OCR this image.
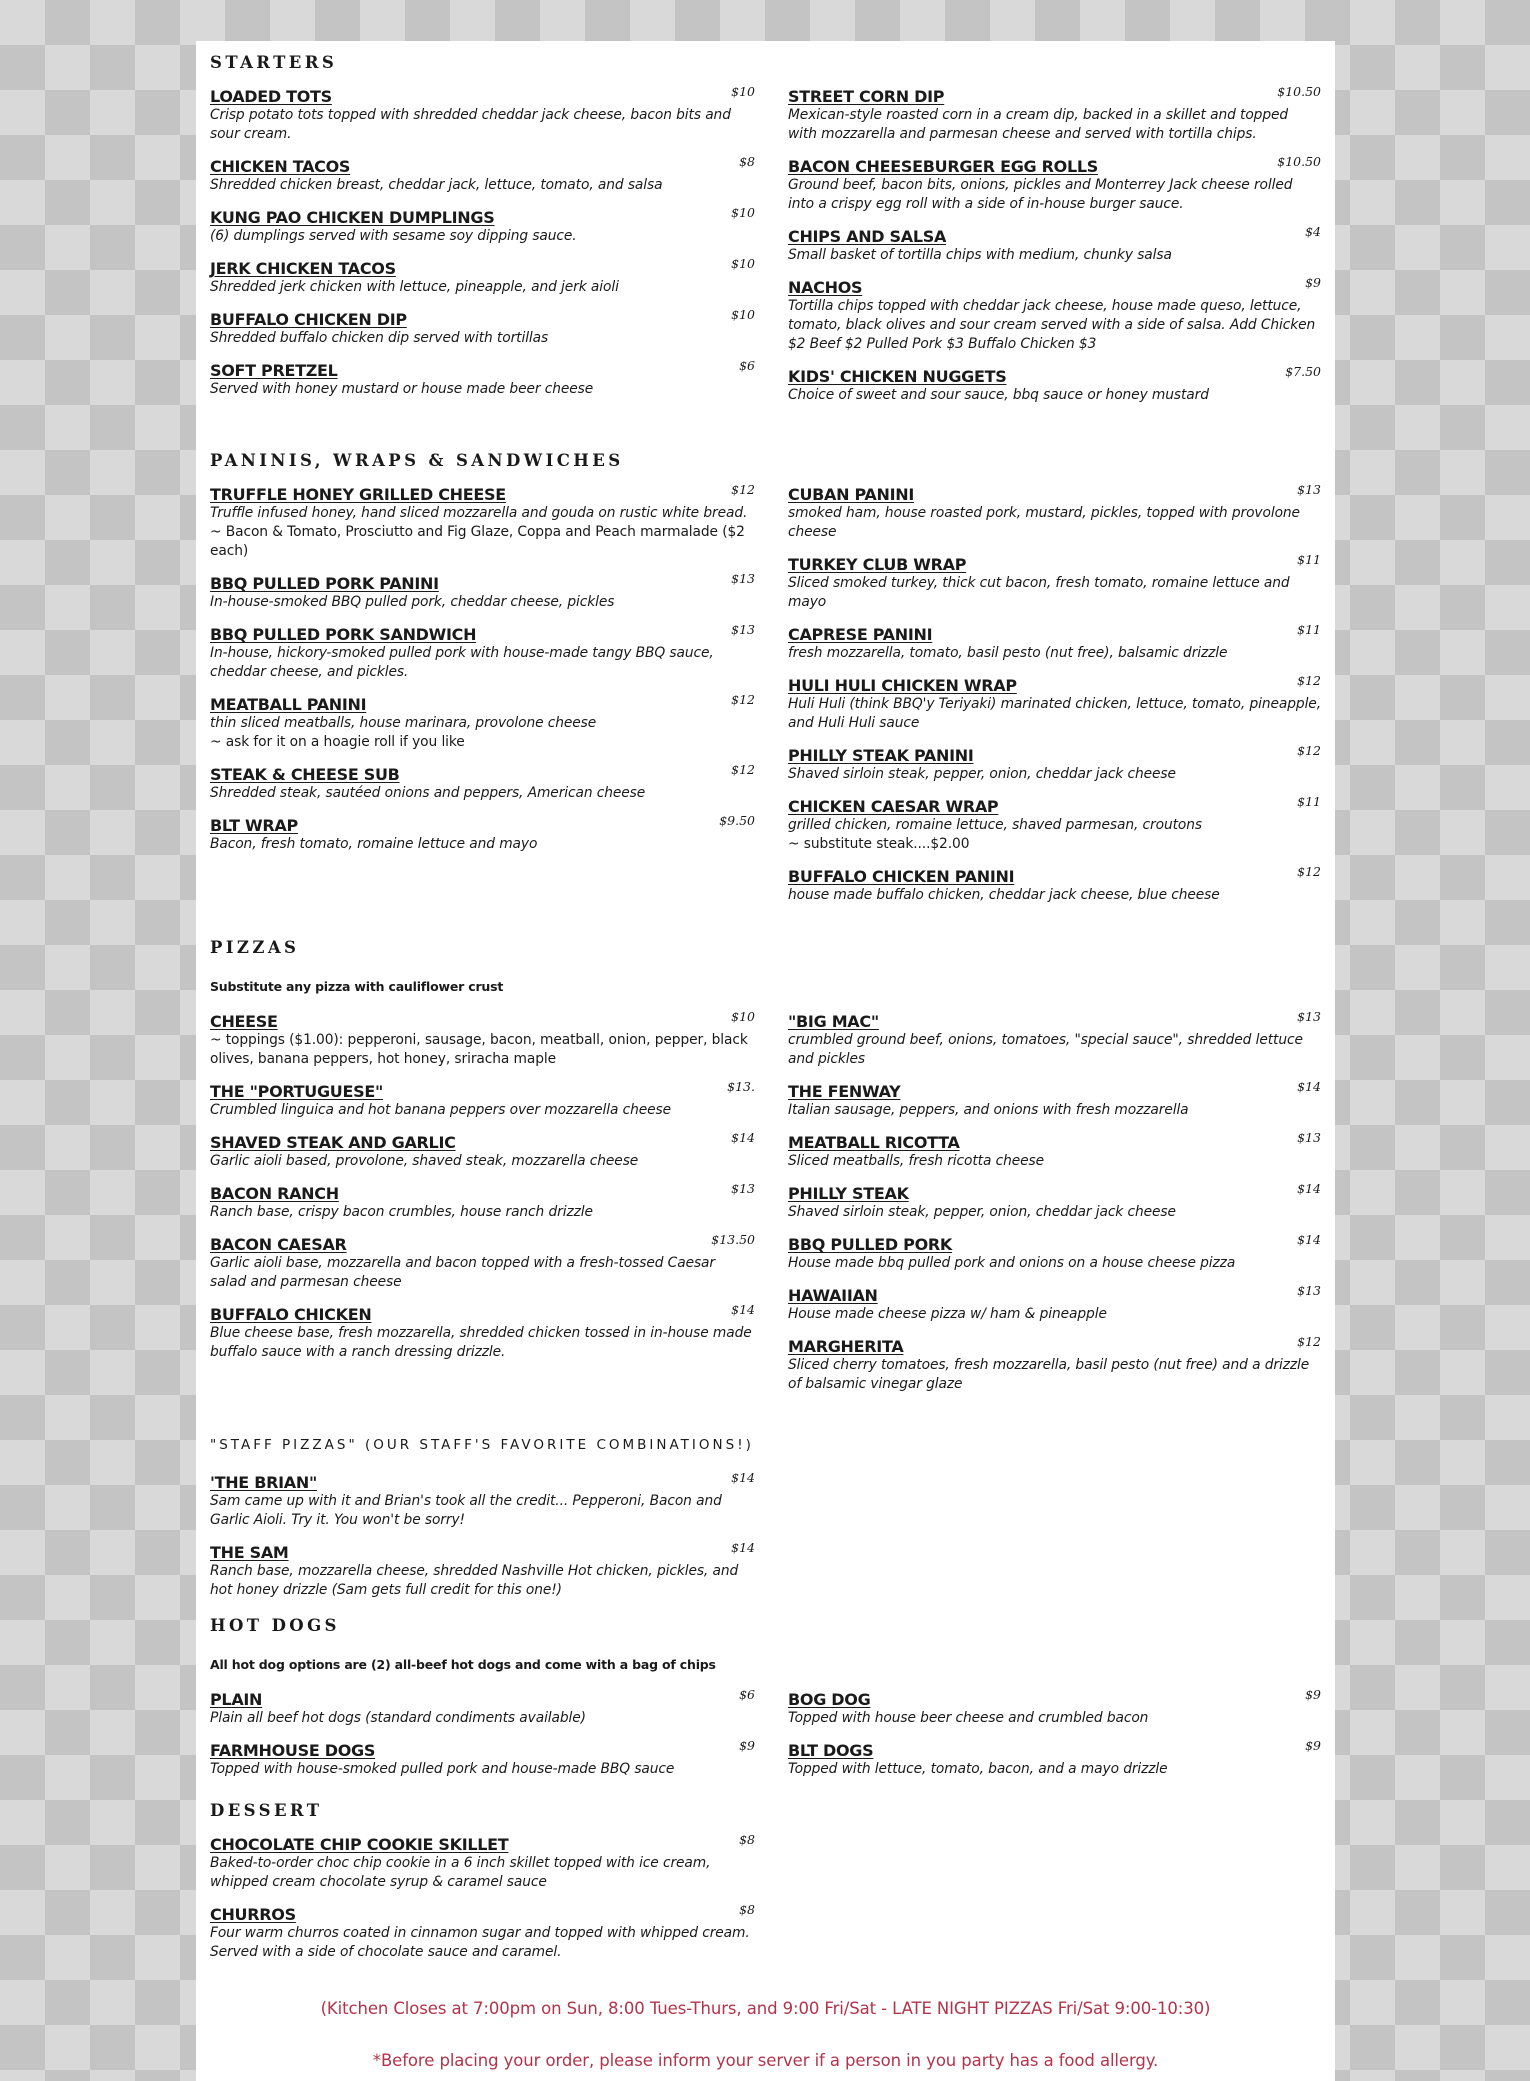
STARTERS
LOADED TOTS	$10
Crisp potato tots topped with shredded cheddar jack cheese, bacon bits and sour cream.
CHICKEN TACOS	$8
Shredded chicken breast, cheddar jack, lettuce, tomato, and salsa
KUNG PAO CHICKEN DUMPLINGS	$10
(6) dumplings served with sesame soy dipping sauce.
JERK CHICKEN TACOS	$10
Shredded jerk chicken with lettuce, pineapple, and jerk aioli
BUFFALO CHICKEN DIP	$10
Shredded buffalo chicken dip served with tortillas
SOFT PRETZEL	$6
Served with honey mustard or house made beer cheese
STREET CORN DIP	$10.50
Mexican-style roasted corn in a cream dip, backed in a skillet and topped with mozzarella and parmesan cheese and served with tortilla chips.
BACON CHEESEBURGER EGG ROLLS	$10.50
Ground beef, bacon bits, onions, pickles and Monterrey Jack cheese rolled into a crispy egg roll with a side of in-house burger sauce.
CHIPS AND SALSA	$4
Small basket of tortilla chips with medium, chunky salsa
NACHOS	$9
Tortilla chips topped with cheddar jack cheese, house made queso, lettuce, tomato, black olives and sour cream served with a side of salsa. Add Chicken $2 Beef $2 Pulled Pork $3 Buffalo Chicken $3
KIDS' CHICKEN NUGGETS	$7.50
Choice of sweet and sour sauce, bbq sauce or honey mustard
PANINIS, WRAPS & SANDWICHES
TRUFFLE HONEY GRILLED CHEESE	$12
Truffle infused honey, hand sliced mozzarella and gouda on rustic white bread.
~ Bacon & Tomato, Prosciutto and Fig Glaze, Coppa and Peach marmalade ($2 each)
BBQ PULLED PORK PANINI	$13
In-house-smoked BBQ pulled pork, cheddar cheese, pickles
BBQ PULLED PORK SANDWICH	$13
In-house, hickory-smoked pulled pork with house-made tangy BBQ sauce, cheddar cheese, and pickles.
MEATBALL PANINI	$12
thin sliced meatballs, house marinara, provolone cheese
~ ask for it on a hoagie roll if you like
STEAK & CHEESE SUB	$12
Shredded steak, sautéed onions and peppers, American cheese
BLT WRAP	$9.50
Bacon, fresh tomato, romaine lettuce and mayo
CUBAN PANINI	$13
smoked ham, house roasted pork, mustard, pickles, topped with provolone cheese
TURKEY CLUB WRAP	$11
Sliced smoked turkey, thick cut bacon, fresh tomato, romaine lettuce and mayo
CAPRESE PANINI	$11
fresh mozzarella, tomato, basil pesto (nut free), balsamic drizzle
HULI HULI CHICKEN WRAP	$12
Huli Huli (think BBQ'y Teriyaki) marinated chicken, lettuce, tomato, pineapple, and Huli Huli sauce
PHILLY STEAK PANINI	$12
Shaved sirloin steak, pepper, onion, cheddar jack cheese
CHICKEN CAESAR WRAP	$11
grilled chicken, romaine lettuce, shaved parmesan, croutons
~ substitute steak....$2.00
BUFFALO CHICKEN PANINI	$12
house made buffalo chicken, cheddar jack cheese, blue cheese
PIZZAS
Substitute any pizza with cauliflower crust
CHEESE	$10
~ toppings ($1.00): pepperoni, sausage, bacon, meatball, onion, pepper, black olives, banana peppers, hot honey, sriracha maple
THE "PORTUGUESE"	$13.
Crumbled linguica and hot banana peppers over mozzarella cheese
SHAVED STEAK AND GARLIC	$14
Garlic aioli based, provolone, shaved steak, mozzarella cheese
BACON RANCH	$13
Ranch base, crispy bacon crumbles, house ranch drizzle
BACON CAESAR	$13.50
Garlic aioli base, mozzarella and bacon topped with a fresh-tossed Caesar salad and parmesan cheese
BUFFALO CHICKEN	$14
Blue cheese base, fresh mozzarella, shredded chicken tossed in in-house made buffalo sauce with a ranch dressing drizzle.
"BIG MAC"	$13
crumbled ground beef, onions, tomatoes, "special sauce", shredded lettuce and pickles
THE FENWAY	$14
Italian sausage, peppers, and onions with fresh mozzarella
MEATBALL RICOTTA	$13
Sliced meatballs, fresh ricotta cheese
PHILLY STEAK	$14
Shaved sirloin steak, pepper, onion, cheddar jack cheese
BBQ PULLED PORK	$14
House made bbq pulled pork and onions on a house cheese pizza
HAWAIIAN	$13
House made cheese pizza w/ ham & pineapple
MARGHERITA	$12
Sliced cherry tomatoes, fresh mozzarella, basil pesto (nut free) and a drizzle of balsamic vinegar glaze
"STAFF PIZZAS" (OUR STAFF'S FAVORITE COMBINATIONS!)
'THE BRIAN"	$14
Sam came up with it and Brian's took all the credit... Pepperoni, Bacon and Garlic Aioli. Try it. You won't be sorry!
THE SAM	$14
Ranch base, mozzarella cheese, shredded Nashville Hot chicken, pickles, and hot honey drizzle (Sam gets full credit for this one!)
HOT DOGS
All hot dog options are (2) all-beef hot dogs and come with a bag of chips
PLAIN	$6
Plain all beef hot dogs (standard condiments available)
FARMHOUSE DOGS	$9
Topped with house-smoked pulled pork and house-made BBQ sauce
BOG DOG	$9
Topped with house beer cheese and crumbled bacon
BLT DOGS	$9
Topped with lettuce, tomato, bacon, and a mayo drizzle
DESSERT
CHOCOLATE CHIP COOKIE SKILLET	$8
Baked-to-order choc chip cookie in a 6 inch skillet topped with ice cream, whipped cream chocolate syrup & caramel sauce
CHURROS	$8
Four warm churros coated in cinnamon sugar and topped with whipped cream. Served with a side of chocolate sauce and caramel.
(Kitchen Closes at 7:00pm on Sun, 8:00 Tues-Thurs, and 9:00 Fri/Sat - LATE NIGHT PIZZAS Fri/Sat 9:00-10:30)
*Before placing your order, please inform your server if a person in you party has a food allergy.
